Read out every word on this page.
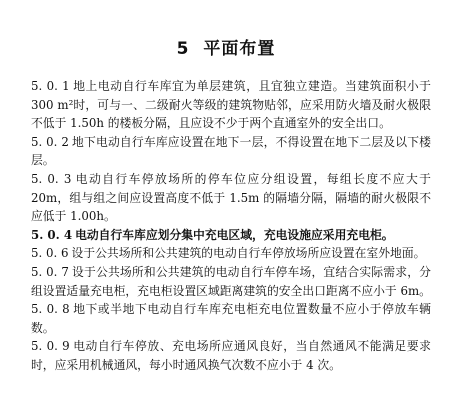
5 平面布置

5. 0. 1 地上电动自行车库宜为单层建筑，且宜独立建造。当建筑面积小于300 m²时，可与一、二级耐火等级的建筑物贴邻，应采用防火墙及耐火极限不低于 1.50h 的楼板分隔，且应设不少于两个直通室外的安全出口。

5. 0. 2 地下电动自行车库应设置在地下一层，不得设置在地下二层及以下楼层。

5. 0. 3 电动自行车停放场所的停车位应分组设置，每组长度不应大于 20m，组与组之间应设置高度不低于 1.5m 的隔墙分隔，隔墙的耐火极限不应低于 1.00h。

5. 0. 4 电动自行车库应划分集中充电区域，充电设施应采用充电柜。

5. 0. 6 设于公共场所和公共建筑的电动自行车停放场所应设置在室外地面。

5. 0. 7 设于公共场所和公共建筑的电动自行车停车场，宜结合实际需求，分组设置适量充电柜，充电柜设置区域距离建筑的安全出口距离不应小于 6m。

5. 0. 8 地下或半地下电动自行车库充电柜充电位置数量不应小于停放车辆数。

5. 0. 9 电动自行车停放、充电场所应通风良好，当自然通风不能满足要求时，应采用机械通风，每小时通风换气次数不应小于 4 次。
